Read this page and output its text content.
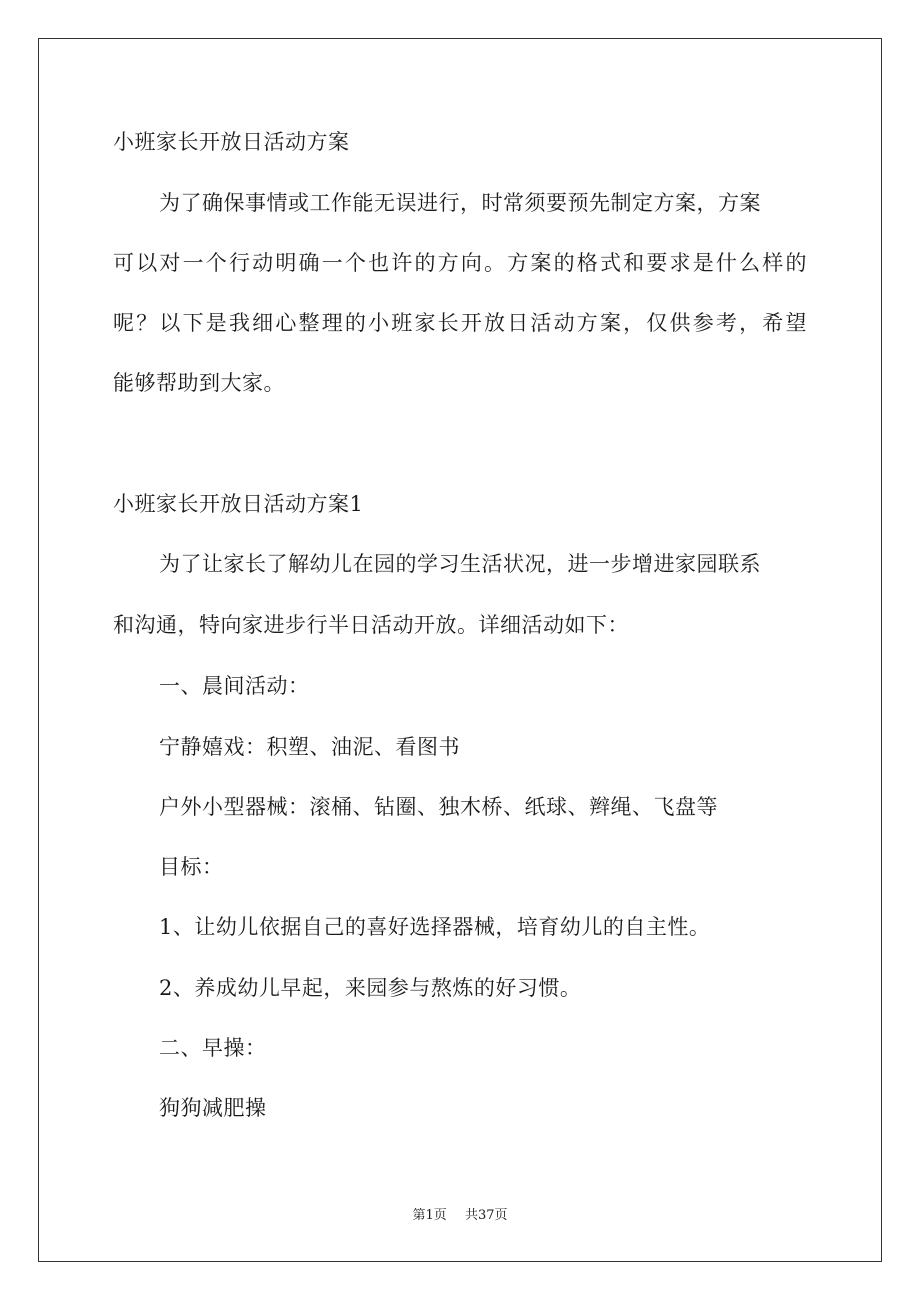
小班家长开放日活动方案
为了确保事情或工作能无误进行，时常须要预先制定方案，方案
可以对一个行动明确一个也许的方向。方案的格式和要求是什么样的
呢？以下是我细心整理的小班家长开放日活动方案，仅供参考，希望
能够帮助到大家。
小班家长开放日活动方案1
为了让家长了解幼儿在园的学习生活状况，进一步增进家园联系
和沟通，特向家进步行半日活动开放。详细活动如下：
一、晨间活动：
宁静嬉戏：积塑、油泥、看图书
户外小型器械：滚桶、钻圈、独木桥、纸球、辫绳、飞盘等
目标：
1、让幼儿依据自己的喜好选择器械，培育幼儿的自主性。
2、养成幼儿早起，来园参与熬炼的好习惯。
二、早操：
狗狗减肥操
第1页 共37页
